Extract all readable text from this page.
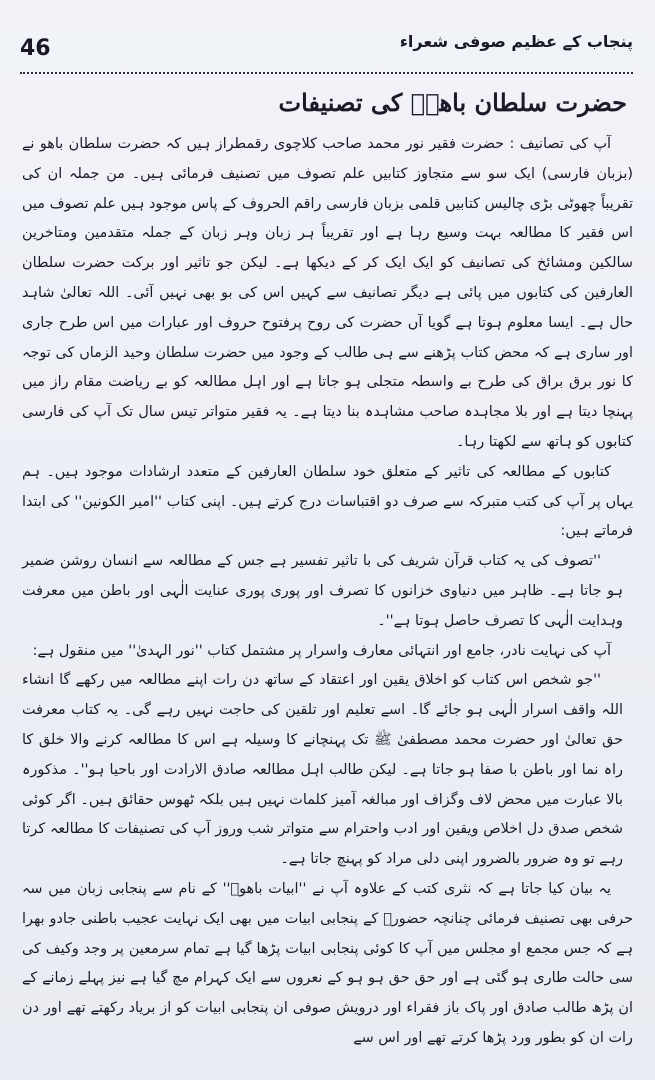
46	پنجاب کے عظیم صوفی شعراء
حضرت سلطان باھوؒ کی تصنیفات

آپ کی تصانیف : حضرت فقیر نور محمد صاحب کلاچوی رقمطراز ہیں کہ حضرت سلطان باھو نے (بزبان فارسی) ایک سو سے متجاوز کتابیں علم تصوف میں تصنیف فرمائی ہیں۔ من جملہ ان کی تقریباً چھوٹی بڑی چالیس کتابیں قلمی بزبان فارسی راقم الحروف کے پاس موجود ہیں علم تصوف میں اس فقیر کا مطالعہ بہت وسیع رہا ہے اور تقریباً ہر زبان وہر زبان کے جملہ متقدمین ومتاخرین سالکین ومشائخ کی تصانیف کو ایک ایک کر کے دیکھا ہے۔ لیکن جو تاثیر اور برکت حضرت سلطان العارفین کی کتابوں میں پائی ہے دیگر تصانیف سے کہیں اس کی بو بھی نہیں آئی۔ اللہ تعالیٰ شاہد حال ہے۔ ایسا معلوم ہوتا ہے گویا آں حضرت کی روح پرفتوح حروف اور عبارات میں اس طرح جاری اور ساری ہے کہ محض کتاب پڑھنے سے ہی طالب کے وجود میں حضرت سلطان وحید الزماں کی توجہ کا نور برق براق کی طرح بے واسطہ متجلی ہو جاتا ہے اور اہل مطالعہ کو بے ریاضت مقام راز میں پہنچا دیتا ہے اور بلا مجاہدہ صاحب مشاہدہ بنا دیتا ہے۔ یہ فقیر متواتر تیس سال تک آپ کی فارسی کتابوں کو ہاتھ سے لکھتا رہا۔

کتابوں کے مطالعہ کی تاثیر کے متعلق خود سلطان العارفین کے متعدد ارشادات موجود ہیں۔ ہم یہاں پر آپ کی کتب متبرکہ سے صرف دو اقتباسات درج کرتے ہیں۔ اپنی کتاب ''امیر الکونین'' کی ابتدا فرماتے ہیں:

''تصوف کی یہ کتاب قرآن شریف کی با تاثیر تفسیر ہے جس کے مطالعہ سے انسان روشن ضمیر ہو جاتا ہے۔ ظاہر میں دنیاوی خزانوں کا تصرف اور پوری پوری عنایت الٰہی اور باطن میں معرفت وہدایت الٰہی کا تصرف حاصل ہوتا ہے''۔

آپ کی نہایت نادر، جامع اور انتہائی معارف واسرار پر مشتمل کتاب ''نور الہدیٰ'' میں منقول ہے:

''جو شخص اس کتاب کو اخلاق یقین اور اعتقاد کے ساتھ دن رات اپنے مطالعہ میں رکھے گا انشاء اللہ واقف اسرار الٰہی ہو جائے گا۔ اسے تعلیم اور تلقین کی حاجت نہیں رہے گی۔ یہ کتاب معرفت حق تعالیٰ اور حضرت محمد مصطفیٰ ﷺ تک پہنچانے کا وسیلہ ہے اس کا مطالعہ کرنے والا خلق کا راہ نما اور باطن با صفا ہو جاتا ہے۔ لیکن طالب اہل مطالعہ صادق الارادت اور باحیا ہو''۔ مذکورہ بالا عبارت میں محض لاف وگزاف اور مبالغہ آمیز کلمات نہیں ہیں بلکہ ٹھوس حقائق ہیں۔ اگر کوئی شخص صدق دل اخلاص ویقین اور ادب واحترام سے متواتر شب وروز آپ کی تصنیفات کا مطالعہ کرتا رہے تو وہ ضرور بالضرور اپنی دلی مراد کو پہنچ جاتا ہے۔

یہ بیان کیا جاتا ہے کہ نثری کتب کے علاوہ آپ نے ''ابیات باھوؒ'' کے نام سے پنجابی زبان میں سہ حرفی بھی تصنیف فرمائی چنانچہ حضورؒ کے پنجابی ابیات میں بھی ایک نہایت عجیب باطنی جادو بھرا ہے کہ جس مجمع او مجلس میں آپ کا کوئی پنجابی ابیات پڑھا گیا ہے تمام سرمعین پر وجد وکیف کی سی حالت طاری ہو گئی ہے اور حق حق ہو ہو کے نعروں سے ایک کہرام مچ گیا ہے نیز پہلے زمانے کے ان پڑھ طالب صادق اور پاک باز فقراء اور درویش صوفی ان پنجابی ابیات کو از بریاد رکھتے تھے اور دن رات ان کو بطور ورد پڑھا کرتے تھے اور اس سے
